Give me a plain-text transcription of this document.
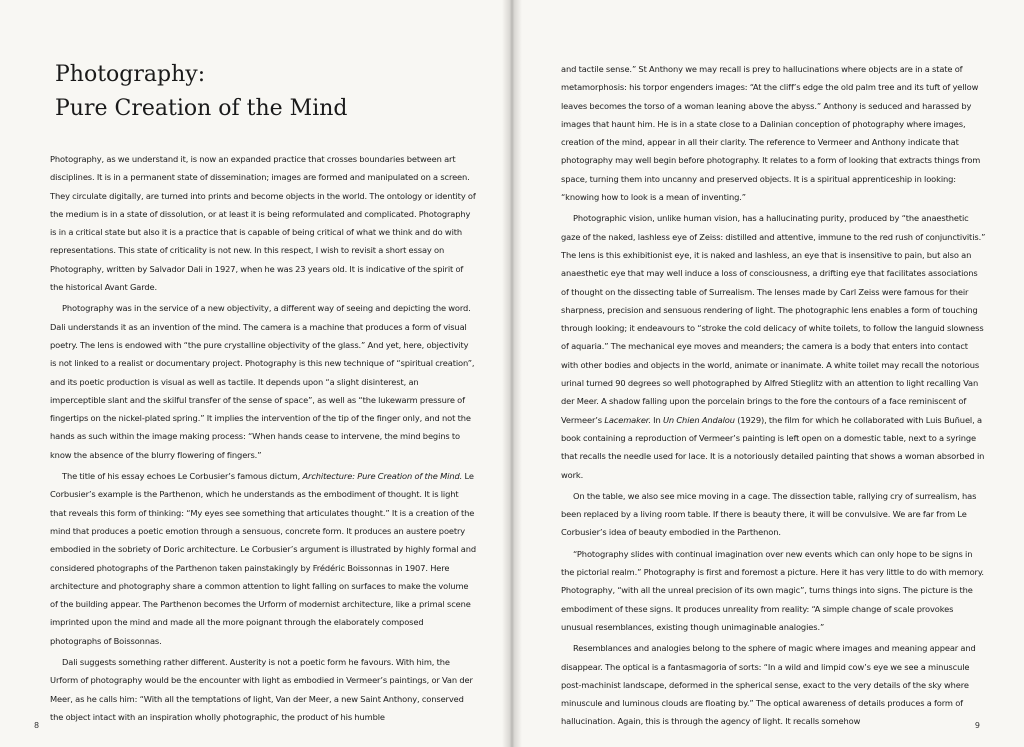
Photography:
Pure Creation of the Mind

Photography, as we understand it, is now an expanded practice that crosses boundaries between art disciplines. It is in a permanent state of dissemination; images are formed and manipulated on a screen. They circulate digitally, are turned into prints and become objects in the world. The ontology or identity of the medium is in a state of dissolution, or at least it is being reformulated and complicated. Photography is in a critical state but also it is a practice that is capable of being critical of what we think and do with representations. This state of criticality is not new. In this respect, I wish to revisit a short essay on Photography, written by Salvador Dali in 1927, when he was 23 years old. It is indicative of the spirit of the historical Avant Garde.

Photography was in the service of a new objectivity, a different way of seeing and depicting the word. Dali understands it as an invention of the mind. The camera is a machine that produces a form of visual poetry. The lens is endowed with “the pure crystalline objectivity of the glass.” And yet, here, objectivity is not linked to a realist or documentary project. Photography is this new technique of “spiritual creation”, and its poetic production is visual as well as tactile. It depends upon “a slight disinterest, an imperceptible slant and the skilful transfer of the sense of space”, as well as “the lukewarm pressure of fingertips on the nickel-plated spring.” It implies the intervention of the tip of the finger only, and not the hands as such within the image making process: “When hands cease to intervene, the mind begins to know the absence of the blurry flowering of fingers.”

The title of his essay echoes Le Corbusier’s famous dictum, Architecture: Pure Creation of the Mind. Le Corbusier’s example is the Parthenon, which he understands as the embodiment of thought. It is light that reveals this form of thinking: “My eyes see something that articulates thought.” It is a creation of the mind that produces a poetic emotion through a sensuous, concrete form. It produces an austere poetry embodied in the sobriety of Doric architecture. Le Corbusier’s argument is illustrated by highly formal and considered photographs of the Parthenon taken painstakingly by Frédéric Boissonnas in 1907. Here architecture and photography share a common attention to light falling on surfaces to make the volume of the building appear. The Parthenon becomes the Urform of modernist architecture, like a primal scene imprinted upon the mind and made all the more poignant through the elaborately composed photographs of Boissonnas.

Dali suggests something rather different. Austerity is not a poetic form he favours. With him, the Urform of photography would be the encounter with light as embodied in Vermeer’s paintings, or Van der Meer, as he calls him: “With all the temptations of light, Van der Meer, a new Saint Anthony, conserved the object intact with an inspiration wholly photographic, the product of his humble

8

and tactile sense.” St Anthony we may recall is prey to hallucinations where objects are in a state of metamorphosis: his torpor engenders images: “At the cliff’s edge the old palm tree and its tuft of yellow leaves becomes the torso of a woman leaning above the abyss.” Anthony is seduced and harassed by images that haunt him. He is in a state close to a Dalinian conception of photography where images, creation of the mind, appear in all their clarity. The reference to Vermeer and Anthony indicate that photography may well begin before photography. It relates to a form of looking that extracts things from space, turning them into uncanny and preserved objects. It is a spiritual apprenticeship in looking: “knowing how to look is a mean of inventing.”

Photographic vision, unlike human vision, has a hallucinating purity, produced by “the anaesthetic gaze of the naked, lashless eye of Zeiss: distilled and attentive, immune to the red rush of conjunctivitis.” The lens is this exhibitionist eye, it is naked and lashless, an eye that is insensitive to pain, but also an anaesthetic eye that may well induce a loss of consciousness, a drifting eye that facilitates associations of thought on the dissecting table of Surrealism. The lenses made by Carl Zeiss were famous for their sharpness, precision and sensuous rendering of light. The photographic lens enables a form of touching through looking; it endeavours to “stroke the cold delicacy of white toilets, to follow the languid slowness of aquaria.” The mechanical eye moves and meanders; the camera is a body that enters into contact with other bodies and objects in the world, animate or inanimate. A white toilet may recall the notorious urinal turned 90 degrees so well photographed by Alfred Stieglitz with an attention to light recalling Van der Meer. A shadow falling upon the porcelain brings to the fore the contours of a face reminiscent of Vermeer’s Lacemaker. In Un Chien Andalou (1929), the film for which he collaborated with Luis Buñuel, a book containing a reproduction of Vermeer’s painting is left open on a domestic table, next to a syringe that recalls the needle used for lace. It is a notoriously detailed painting that shows a woman absorbed in work.

On the table, we also see mice moving in a cage. The dissection table, rallying cry of surrealism, has been replaced by a living room table. If there is beauty there, it will be convulsive. We are far from Le Corbusier’s idea of beauty embodied in the Parthenon.

“Photography slides with continual imagination over new events which can only hope to be signs in the pictorial realm.” Photography is first and foremost a picture. Here it has very little to do with memory. Photography, “with all the unreal precision of its own magic”, turns things into signs. The picture is the embodiment of these signs. It produces unreality from reality: “A simple change of scale provokes unusual resemblances, existing though unimaginable analogies.”

Resemblances and analogies belong to the sphere of magic where images and meaning appear and disappear. The optical is a fantasmagoria of sorts: “In a wild and limpid cow’s eye we see a minuscule post-machinist landscape, deformed in the spherical sense, exact to the very details of the sky where minuscule and luminous clouds are floating by.” The optical awareness of details produces a form of hallucination. Again, this is through the agency of light. It recalls somehow	9
